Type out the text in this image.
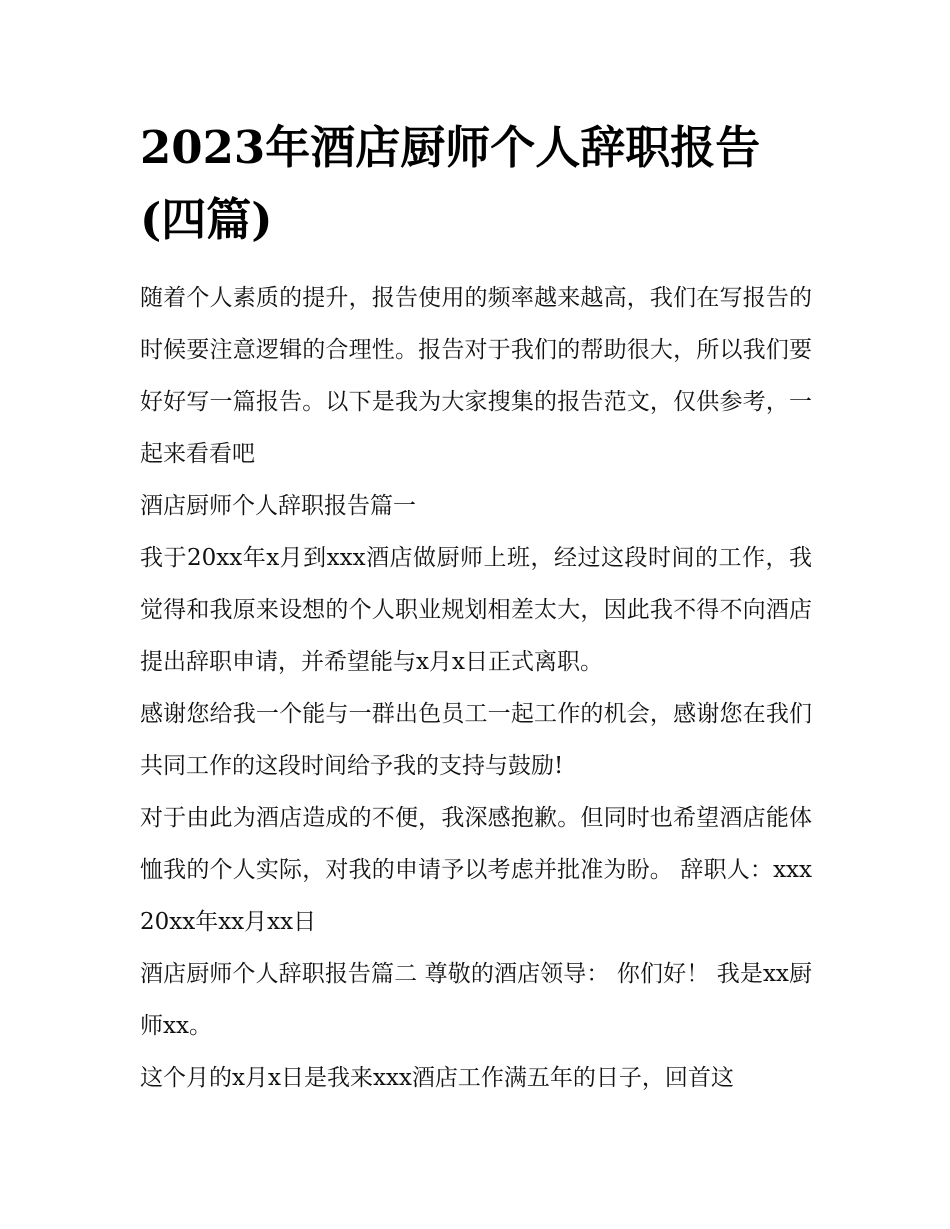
2023年酒店厨师个人辞职报告(四篇)

随着个人素质的提升，报告使用的频率越来越高，我们在写报告的时候要注意逻辑的合理性。报告对于我们的帮助很大，所以我们要好好写一篇报告。以下是我为大家搜集的报告范文，仅供参考，一起来看看吧

酒店厨师个人辞职报告篇一

我于20xx年x月到xxx酒店做厨师上班，经过这段时间的工作，我觉得和我原来设想的个人职业规划相差太大，因此我不得不向酒店提出辞职申请，并希望能与x月x日正式离职。

感谢您给我一个能与一群出色员工一起工作的机会，感谢您在我们共同工作的这段时间给予我的支持与鼓励!

对于由此为酒店造成的不便，我深感抱歉。但同时也希望酒店能体恤我的个人实际，对我的申请予以考虑并批准为盼。 辞职人：xxx 20xx年xx月xx日

酒店厨师个人辞职报告篇二 尊敬的酒店领导： 你们好！ 我是xx厨师xx。

这个月的x月x日是我来xxx酒店工作满五年的日子，回首这
